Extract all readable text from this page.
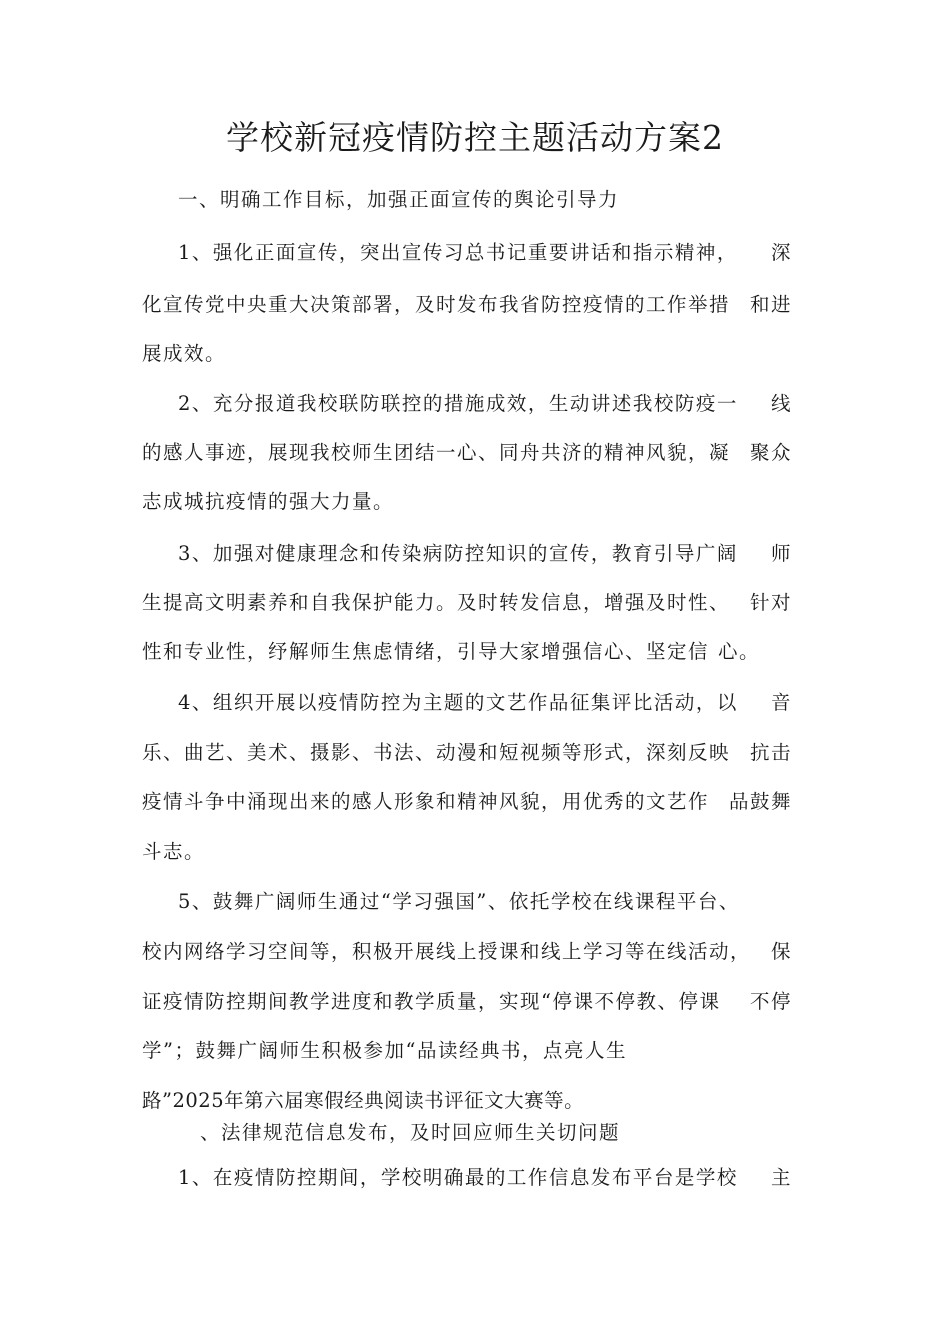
学校新冠疫情防控主题活动方案2
一、明确工作目标，加强正面宣传的舆论引导力
1、强化正面宣传，突出宣传习总书记重要讲话和指示精神， 深
化宣传党中央重大决策部署，及时发布我省防控疫情的工作举措 和进
展成效。
2、充分报道我校联防联控的措施成效，生动讲述我校防疫一 线
的感人事迹，展现我校师生团结一心、同舟共济的精神风貌，凝 聚众
志成城抗疫情的强大力量。
3、加强对健康理念和传染病防控知识的宣传，教育引导广阔 师
生提高文明素养和自我保护能力。及时转发信息，增强及时性、 针对
性和专业性，纾解师生焦虑情绪，引导大家增强信心、坚定信 心。
4、组织开展以疫情防控为主题的文艺作品征集评比活动，以 音
乐、曲艺、美术、摄影、书法、动漫和短视频等形式，深刻反映 抗击
疫情斗争中涌现出来的感人形象和精神风貌，用优秀的文艺作 品鼓舞
斗志。
5、鼓舞广阔师生通过“学习强国”、依托学校在线课程平台、
校内网络学习空间等，积极开展线上授课和线上学习等在线活动， 保
证疫情防控期间教学进度和教学质量，实现“停课不停教、停课 不停
学”；鼓舞广阔师生积极参加“品读经典书，点亮人生
路”2025年第六届寒假经典阅读书评征文大赛等。
、法律规范信息发布，及时回应师生关切问题
1、在疫情防控期间，学校明确最的工作信息发布平台是学校 主
